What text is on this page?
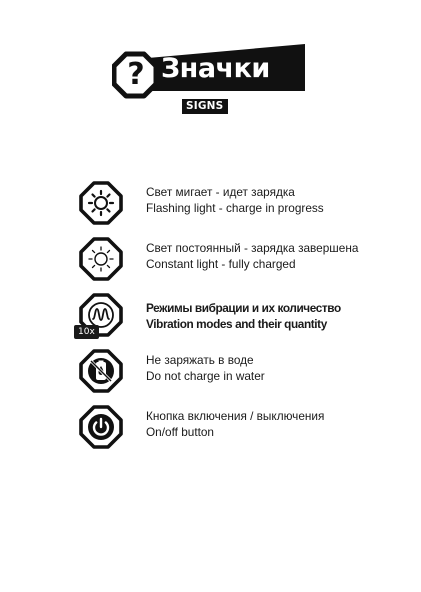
? Значки
SIGNS
Свет мигает - идет зарядка
Flashing light - charge in progress
Свет постоянный - зарядка завершена
Constant light - fully charged
10x
Режимы вибрации и их количество
Vibration modes and their quantity
Не заряжать в воде
Do not charge in water
Кнопка включения / выключения
On/off button
